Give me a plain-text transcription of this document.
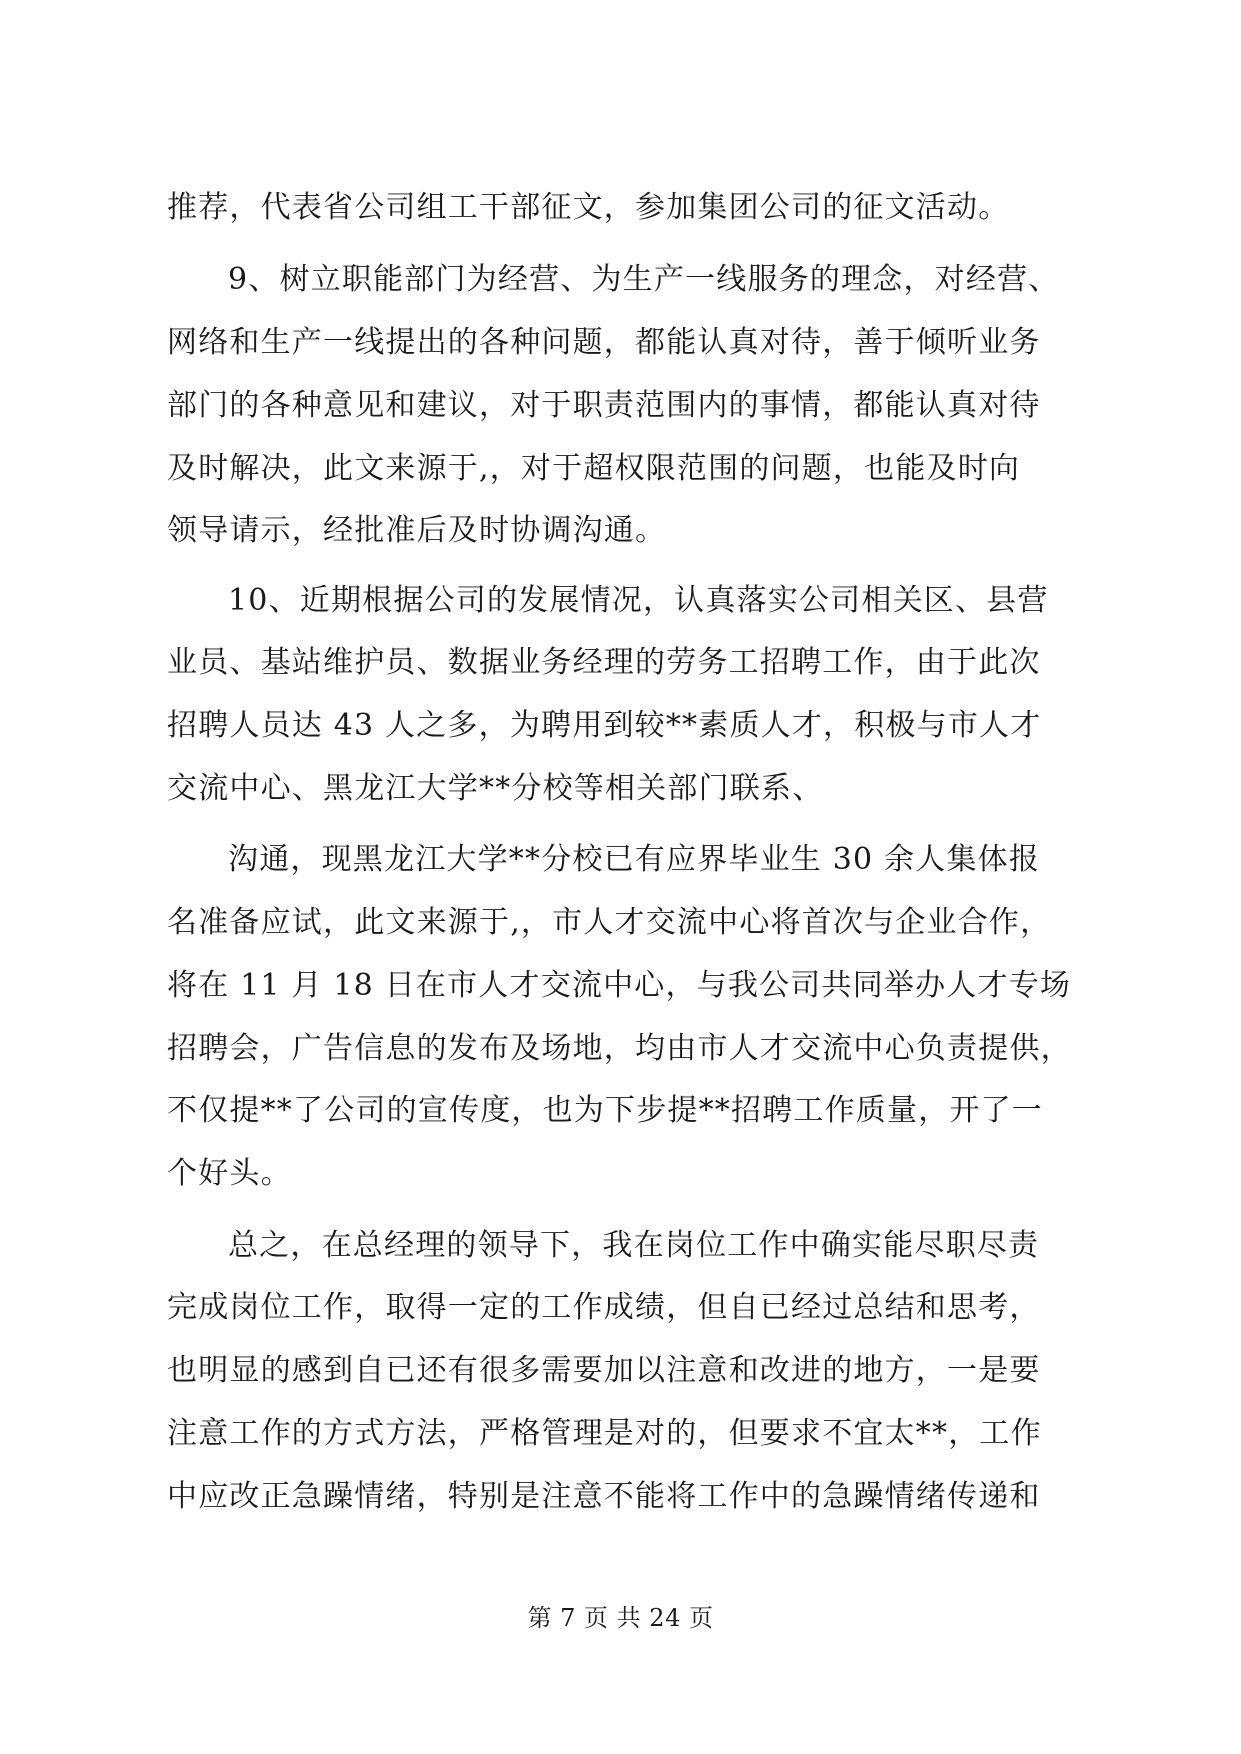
推荐，代表省公司组工干部征文，参加集团公司的征文活动。
9、树立职能部门为经营、为生产一线服务的理念，对经营、
网络和生产一线提出的各种问题，都能认真对待，善于倾听业务
部门的各种意见和建议，对于职责范围内的事情，都能认真对待
及时解决，此文来源于,，对于超权限范围的问题，也能及时向
领导请示，经批准后及时协调沟通。
10、近期根据公司的发展情况，认真落实公司相关区、县营
业员、基站维护员、数据业务经理的劳务工招聘工作，由于此次
招聘人员达 43 人之多，为聘用到较**素质人才，积极与市人才
交流中心、黑龙江大学**分校等相关部门联系、
沟通，现黑龙江大学**分校已有应界毕业生 30 余人集体报
名准备应试，此文来源于,，市人才交流中心将首次与企业合作，
将在 11 月 18 日在市人才交流中心，与我公司共同举办人才专场
招聘会，广告信息的发布及场地，均由市人才交流中心负责提供，
不仅提**了公司的宣传度，也为下步提**招聘工作质量，开了一
个好头。
总之，在总经理的领导下，我在岗位工作中确实能尽职尽责
完成岗位工作，取得一定的工作成绩，但自已经过总结和思考，
也明显的感到自已还有很多需要加以注意和改进的地方，一是要
注意工作的方式方法，严格管理是对的，但要求不宜太**，工作
中应改正急躁情绪，特别是注意不能将工作中的急躁情绪传递和
第 7 页 共 24 页
